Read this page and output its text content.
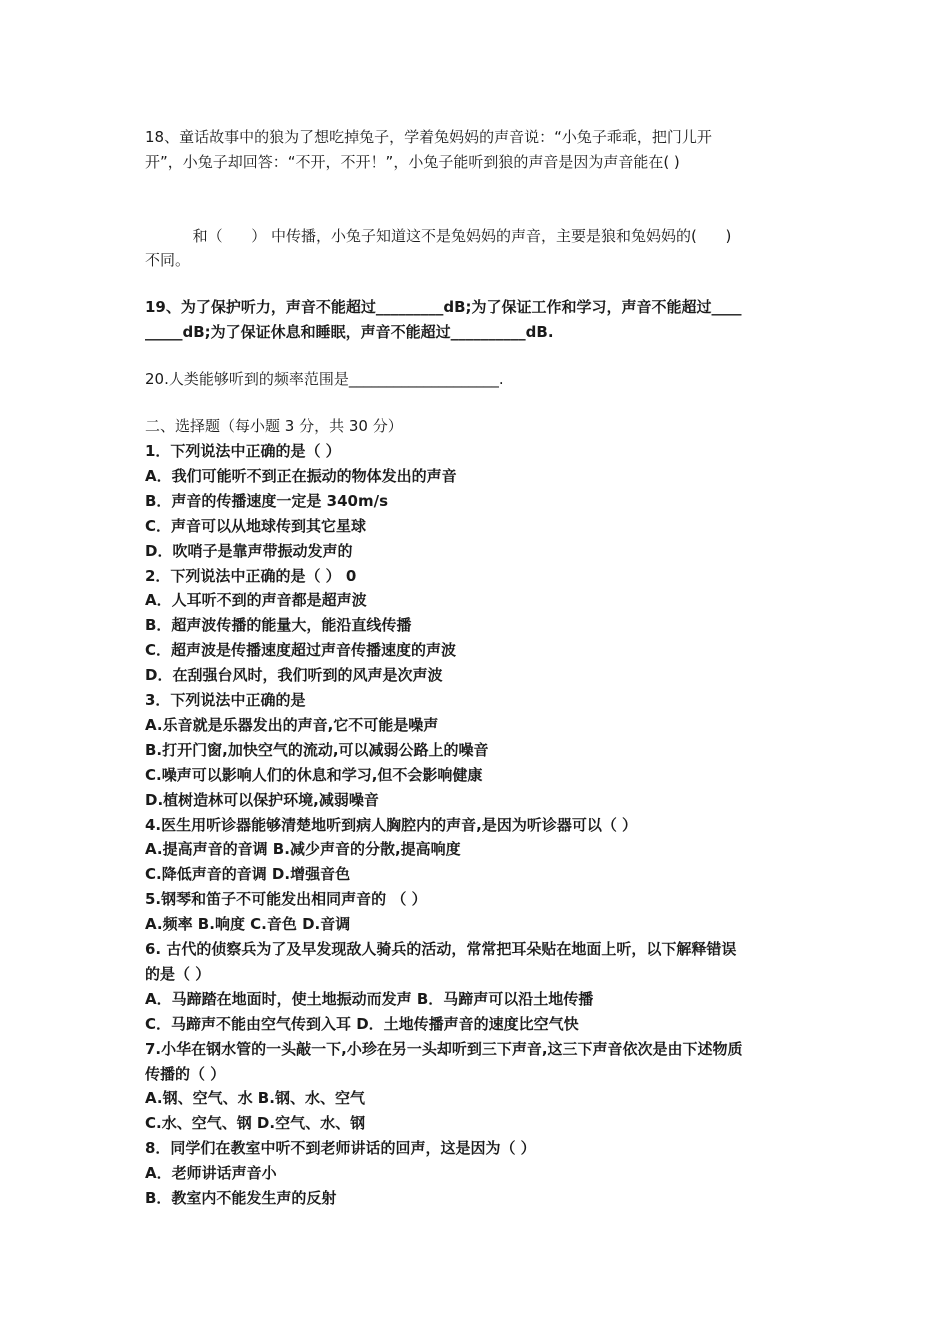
18、童话故事中的狼为了想吃掉兔子，学着兔妈妈的声音说：“小兔子乖乖，把门儿开
开”，小兔子却回答：“不开，不开！”，小兔子能听到狼的声音是因为声音能在( )
和（      ） 中传播，小兔子知道这不是兔妈妈的声音，主要是狼和兔妈妈的(      )
不同。
19、为了保护听力，声音不能超过_________dB;为了保证工作和学习，声音不能超过____
_____dB;为了保证休息和睡眠，声音不能超过__________dB.
20.人类能够听到的频率范围是____________________.
二、选择题（每小题 3 分，共 30 分）
1．下列说法中正确的是（ ）
A．我们可能听不到正在振动的物体发出的声音
B．声音的传播速度一定是 340m/s
C．声音可以从地球传到其它星球
D．吹哨子是靠声带振动发声的
2．下列说法中正确的是（ ） 0
A．人耳听不到的声音都是超声波
B．超声波传播的能量大，能沿直线传播
C．超声波是传播速度超过声音传播速度的声波
D．在刮强台风时，我们听到的风声是次声波
3．下列说法中正确的是
A.乐音就是乐器发出的声音,它不可能是噪声
B.打开门窗,加快空气的流动,可以减弱公路上的噪音
C.噪声可以影响人们的休息和学习,但不会影响健康
D.植树造林可以保护环境,减弱噪音
4.医生用听诊器能够清楚地听到病人胸腔内的声音,是因为听诊器可以（ ）
A.提高声音的音调 B.减少声音的分散,提高响度
C.降低声音的音调 D.增强音色
5.钢琴和笛子不可能发出相同声音的 （ ）
A.频率 B.响度 C.音色 D.音调
6. 古代的侦察兵为了及早发现敌人骑兵的活动，常常把耳朵贴在地面上听，以下解释错误
的是（ ）
A．马蹄踏在地面时，使土地振动而发声 B．马蹄声可以沿土地传播
C．马蹄声不能由空气传到入耳 D．土地传播声音的速度比空气快
7.小华在钢水管的一头敲一下,小珍在另一头却听到三下声音,这三下声音依次是由下述物质
传播的（ ）
A.钢、空气、水 B.钢、水、空气
C.水、空气、钢 D.空气、水、钢
8．同学们在教室中听不到老师讲话的回声，这是因为（ ）
A．老师讲话声音小
B．教室内不能发生声的反射
